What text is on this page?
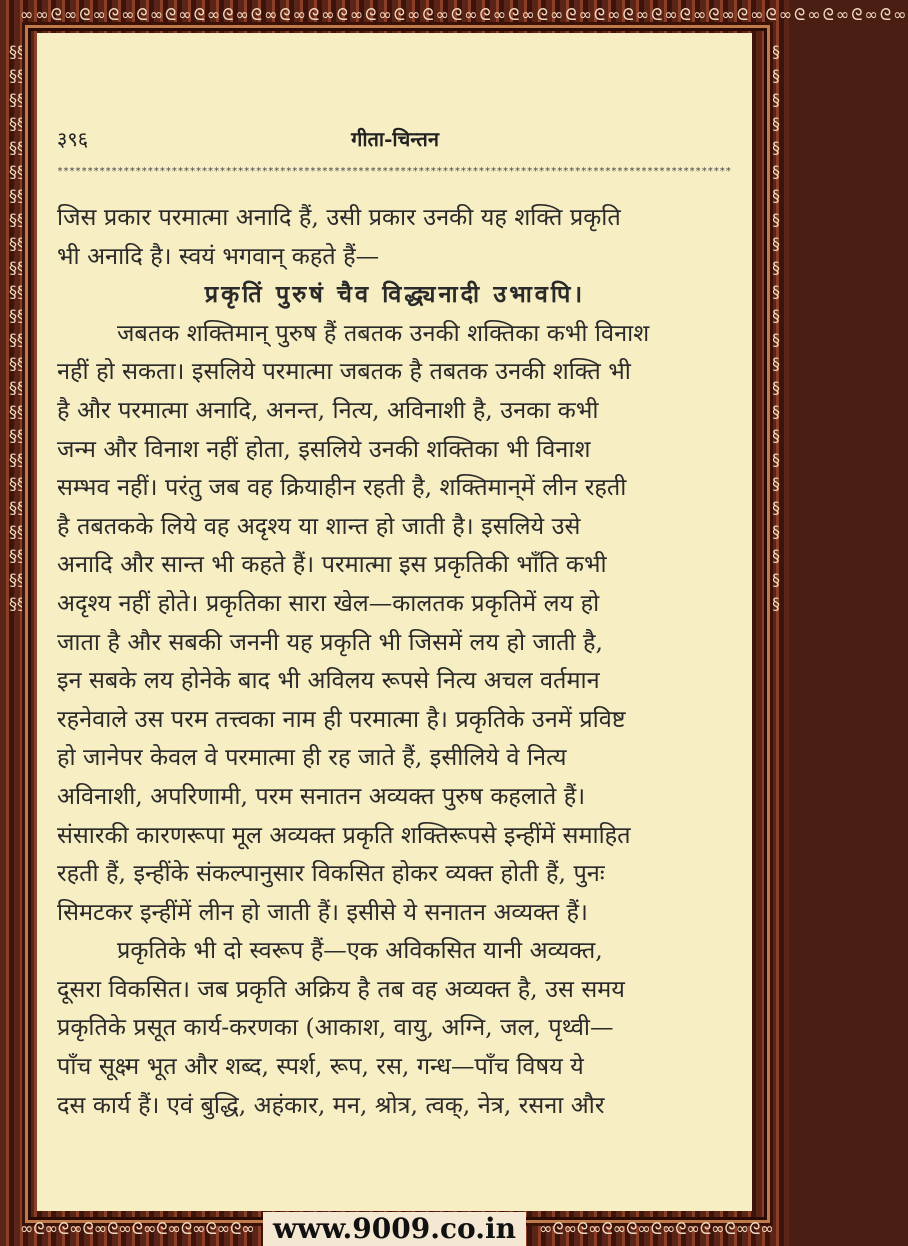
∞∞ᘓ∞ᘓ∞ᘓ∞ᘓ∞ᘓ∞ᘓ∞ᘓ∞ᘓ∞ᘓ∞ᘓ∞ᘓ∞ᘓ∞ᘓ∞ᘓ∞ᘓ∞ᘓ∞ᘓ∞ᘓ∞ᘓ∞ᘓ∞ᘓ∞ᘓ∞ᘓ∞ᘓ∞ᘓ∞ᘓ∞ᘓ∞ᘓ∞ᘓ∞ᘓ∞
§§§§§§§§§§§§§§§§§§§§§§§§§§§§§§§§§§§§§§§§§§§§§§§§
§§§§§§§§§§§§§§§§§§§§§§§§§§§§§§§§§§§§§§§§§§§§§§§§
३९६	गीता-चिन्तन
****************************************************************************************************************
जिस प्रकार परमात्मा अनादि हैं, उसी प्रकार उनकी यह शक्ति प्रकृति
भी अनादि है। स्वयं भगवान् कहते हैं—
प्रकृतिं पुरुषं चैव विद्ध्यनादी उभावपि।
जबतक शक्तिमान् पुरुष हैं तबतक उनकी शक्तिका कभी विनाश
नहीं हो सकता। इसलिये परमात्मा जबतक है तबतक उनकी शक्ति भी
है और परमात्मा अनादि, अनन्त, नित्य, अविनाशी है, उनका कभी
जन्म और विनाश नहीं होता, इसलिये उनकी शक्तिका भी विनाश
सम्भव नहीं। परंतु जब वह क्रियाहीन रहती है, शक्तिमान्‌में लीन रहती
है तबतकके लिये वह अदृश्य या शान्त हो जाती है। इसलिये उसे
अनादि और सान्त भी कहते हैं। परमात्मा इस प्रकृतिकी भाँति कभी
अदृश्य नहीं होते। प्रकृतिका सारा खेल—कालतक प्रकृतिमें लय हो
जाता है और सबकी जननी यह प्रकृति भी जिसमें लय हो जाती है,
इन सबके लय होनेके बाद भी अविलय रूपसे नित्य अचल वर्तमान
रहनेवाले उस परम तत्त्वका नाम ही परमात्मा है। प्रकृतिके उनमें प्रविष्ट
हो जानेपर केवल वे परमात्मा ही रह जाते हैं, इसीलिये वे नित्य
अविनाशी, अपरिणामी, परम सनातन अव्यक्त पुरुष कहलाते हैं।
संसारकी कारणरूपा मूल अव्यक्त प्रकृति शक्तिरूपसे इन्हींमें समाहित
रहती हैं, इन्हींके संकल्पानुसार विकसित होकर व्यक्त होती हैं, पुनः
सिमटकर इन्हींमें लीन हो जाती हैं। इसीसे ये सनातन अव्यक्त हैं।
प्रकृतिके भी दो स्वरूप हैं—एक अविकसित यानी अव्यक्त,
दूसरा विकसित। जब प्रकृति अक्रिय है तब वह अव्यक्त है, उस समय
प्रकृतिके प्रसूत कार्य-करणका (आकाश, वायु, अग्नि, जल, पृथ्वी—
पाँच सूक्ष्म भूत और शब्द, स्पर्श, रूप, रस, गन्ध—पाँच विषय ये
दस कार्य हैं। एवं बुद्धि, अहंकार, मन, श्रोत्र, त्वक्, नेत्र, रसना और
∞ᘓ∞ᘓ∞ᘓ∞ᘓ∞ᘓ∞ᘓ∞ᘓ∞ᘓ∞ᘓ∞ www.9009.co.in ∞ᘓ∞ᘓ∞ᘓ∞ᘓ∞ᘓ∞ᘓ∞ᘓ∞ᘓ∞ᘓ∞
